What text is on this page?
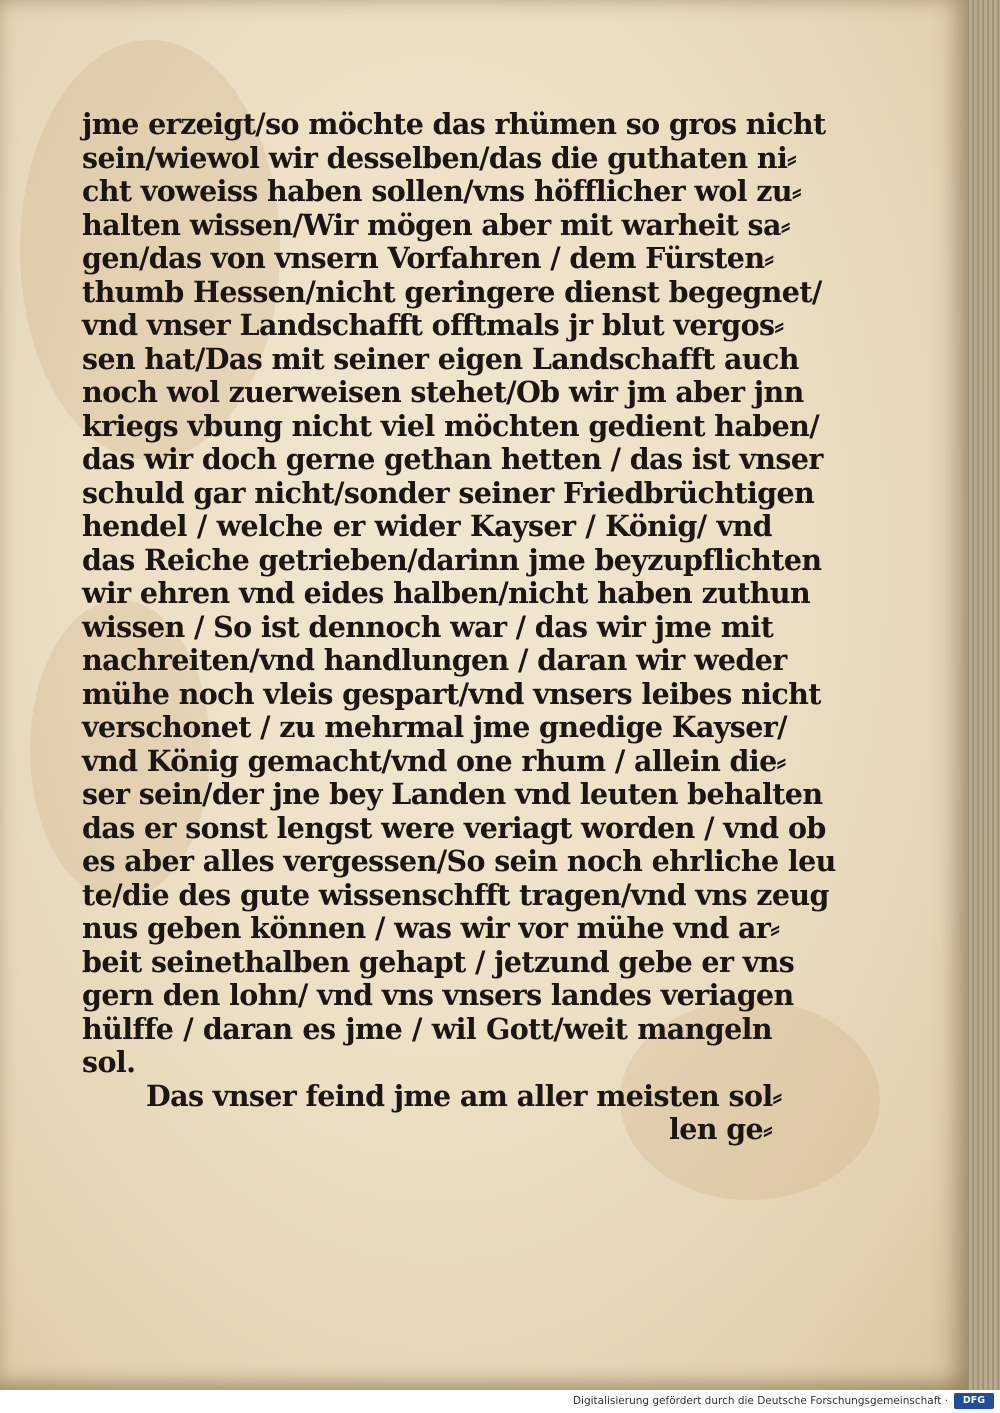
jme erzeigt/so möchte das rhümen so gros nicht
sein/wiewol wir desselben/das die guthaten ni⸗
cht voweiss haben sollen/vns höfflicher wol zu⸗
halten wissen/Wir mögen aber mit warheit sa⸗
gen/das von vnsern Vorfahren / dem Fürsten⸗
thumb Hessen/nicht geringere dienst begegnet/
vnd vnser Landschafft offtmals jr blut vergos⸗
sen hat/Das mit seiner eigen Landschafft auch
noch wol zuerweisen stehet/Ob wir jm aber jnn
kriegs vbung nicht viel möchten gedient haben/
das wir doch gerne gethan hetten / das ist vnser
schuld gar nicht/sonder seiner Friedbrüchtigen
hendel / welche er wider Kayser / König/ vnd
das Reiche getrieben/darinn jme beyzupflichten
wir ehren vnd eides halben/nicht haben zuthun
wissen / So ist dennoch war / das wir jme mit
nachreiten/vnd handlungen / daran wir weder
mühe noch vleis gespart/vnd vnsers leibes nicht
verschonet / zu mehrmal jme gnedige Kayser/
vnd König gemacht/vnd one rhum / allein die⸗
ser sein/der jne bey Landen vnd leuten behalten
das er sonst lengst were veriagt worden / vnd ob
es aber alles vergessen/So sein noch ehrliche leu
te/die des gute wissenschfft tragen/vnd vns zeug
nus geben können / was wir vor mühe vnd ar⸗
beit seinethalben gehapt / jetzund gebe er vns
gern den lohn/ vnd vns vnsers landes veriagen
hülffe / daran es jme / wil Gott/weit mangeln
sol.
Das vnser feind jme am aller meisten sol⸗
len ge⸗
Digitalisierung gefördert durch die Deutsche Forschungsgemeinschaft ·	DFG
